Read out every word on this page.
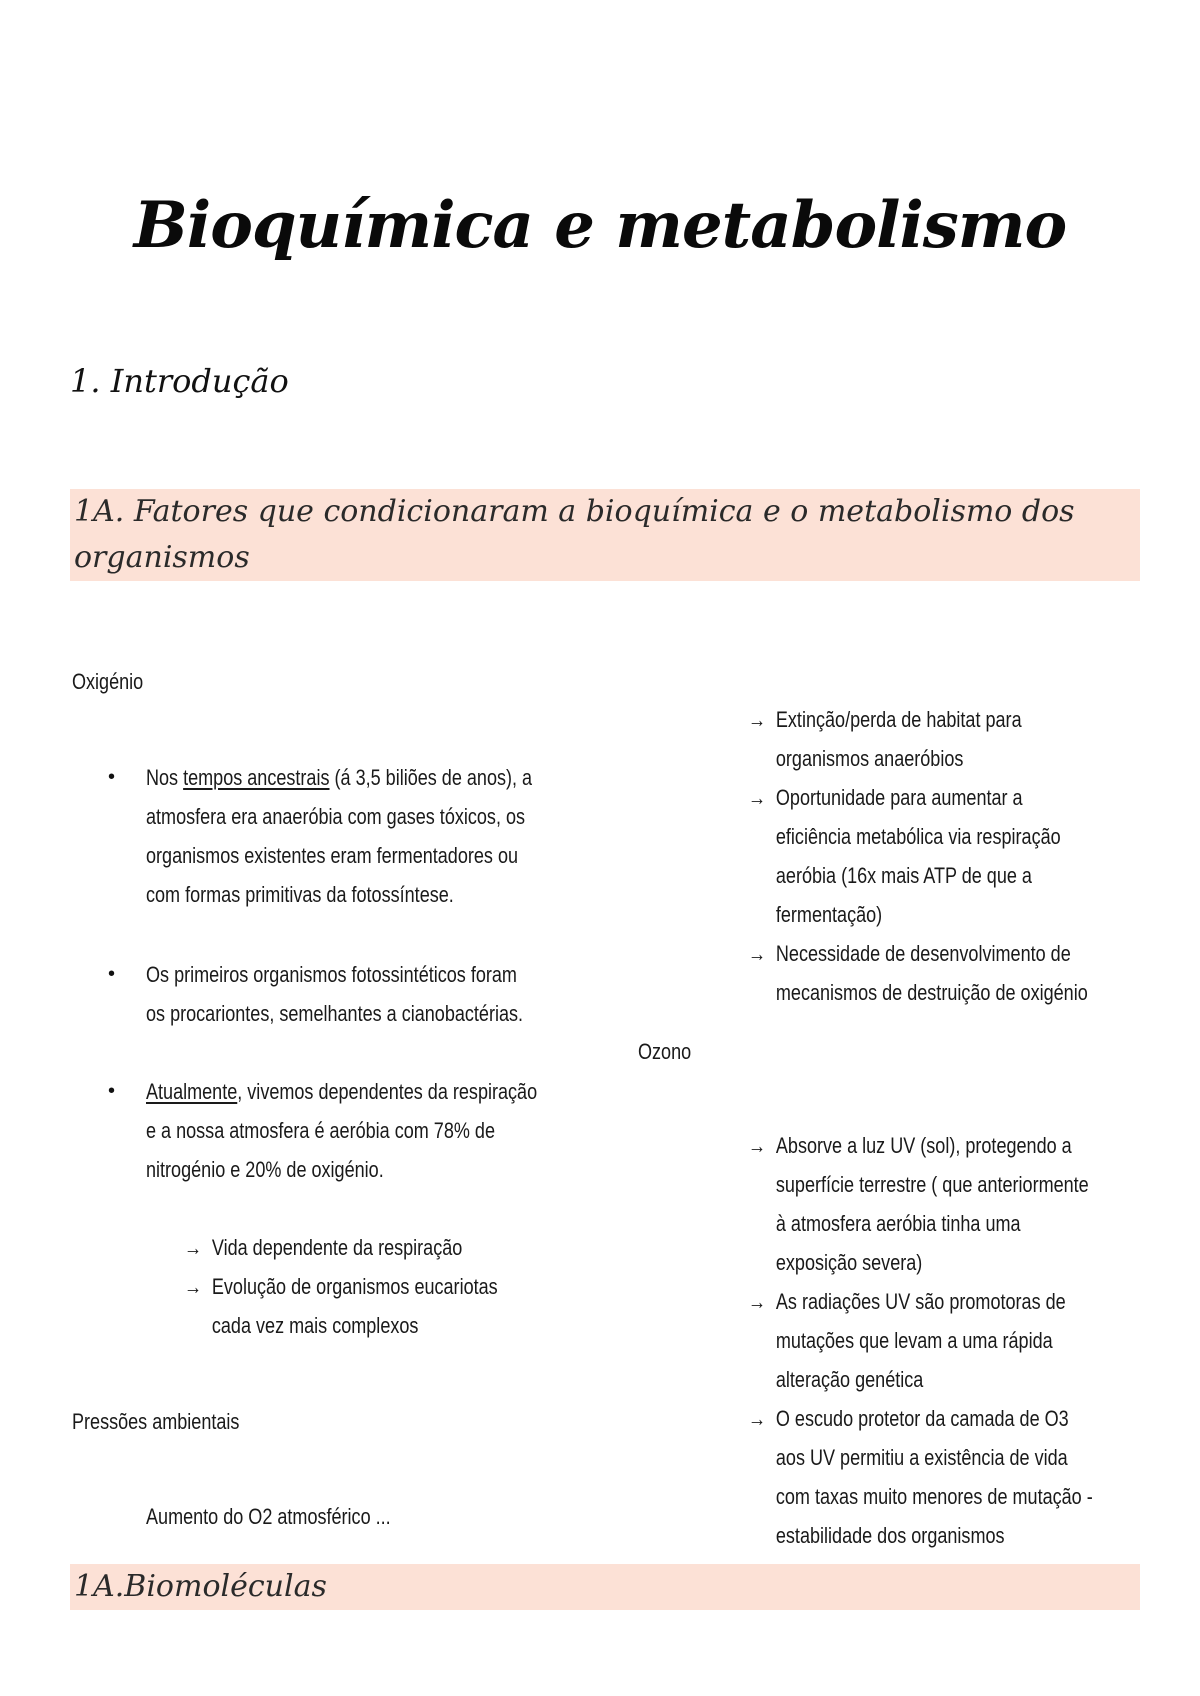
Bioquímica e metabolismo
1. Introdução
1A. Fatores que condicionaram a bioquímica e o metabolismo dos organismos
Oxigénio
• Nos tempos ancestrais (á 3,5 biliões de anos), a atmosfera era anaeróbia com gases tóxicos, os organismos existentes eram fermentadores ou com formas primitivas da fotossíntese.
• Os primeiros organismos fotossintéticos foram os procariontes, semelhantes a cianobactérias.
• Atualmente, vivemos dependentes da respiração e a nossa atmosfera é aeróbia com 78% de nitrogénio e 20% de oxigénio.
→ Vida dependente da respiração
→ Evolução de organismos eucariotas cada vez mais complexos
Pressões ambientais
Aumento do O2 atmosférico ...
→ Extinção/perda de habitat para organismos anaeróbios
→ Oportunidade para aumentar a eficiência metabólica via respiração aeróbia (16x mais ATP de que a fermentação)
→ Necessidade de desenvolvimento de mecanismos de destruição de oxigénio
Ozono
→ Absorve a luz UV (sol), protegendo a superfície terrestre ( que anteriormente à atmosfera aeróbia tinha uma exposição severa)
→ As radiações UV são promotoras de mutações que levam a uma rápida alteração genética
→ O escudo protetor da camada de O3 aos UV permitiu a existência de vida com taxas muito menores de mutação - estabilidade dos organismos
1A.Biomoléculas
